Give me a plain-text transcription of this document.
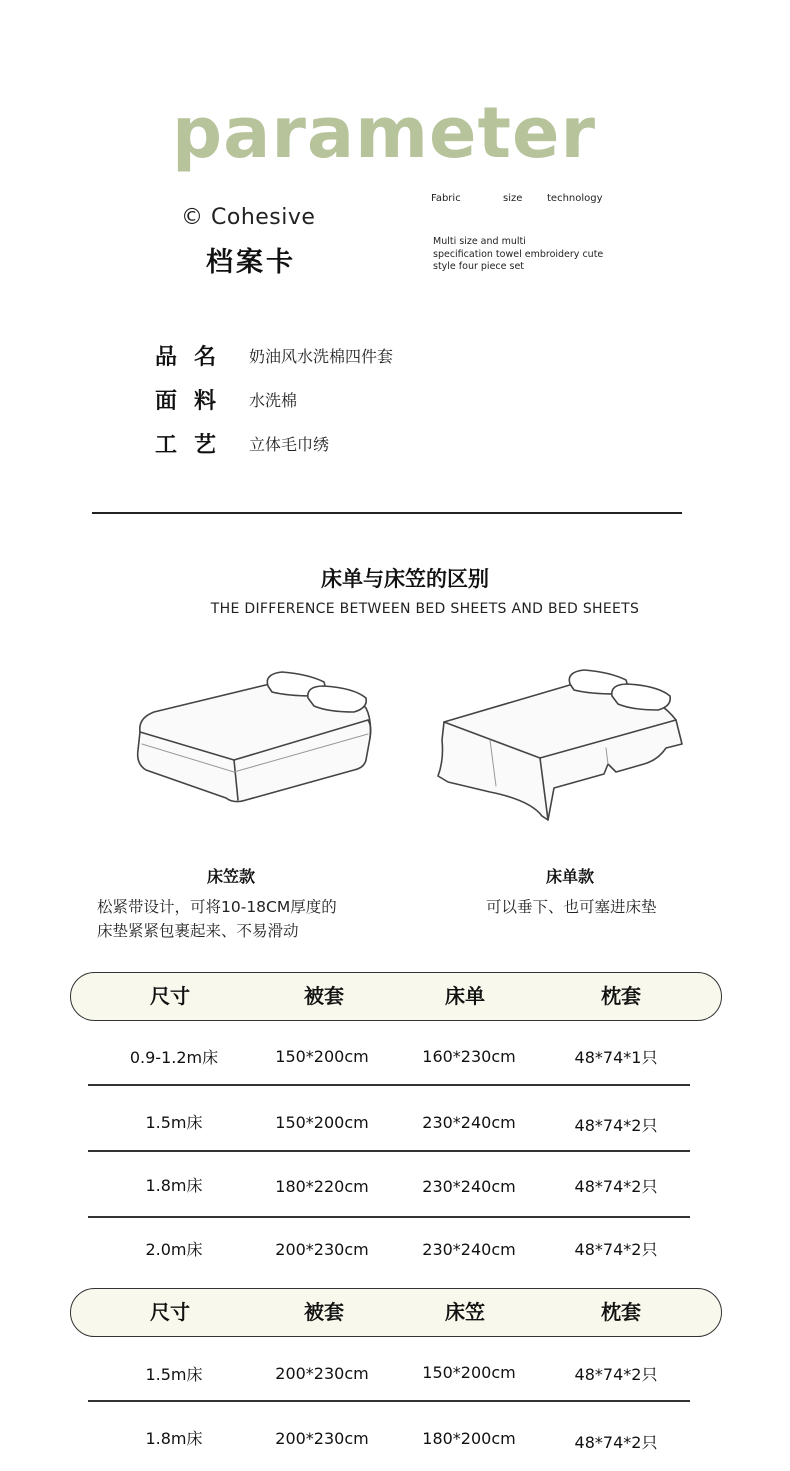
parameter
© Cohesive
档案卡
Fabric	size technology
Multi size and multi
specification towel embroidery cute
style four piece set
品名 奶油风水洗棉四件套
面料 水洗棉
工艺 立体毛巾绣
床单与床笠的区别
THE DIFFERENCE BETWEEN BED SHEETS AND BED SHEETS
床笠款
松紧带设计，可将10-18CM厚度的
床垫紧紧包裹起来、不易滑动
床单款
可以垂下、也可塞进床垫
尺寸	被套	床单	枕套
0.9-1.2m床	150*200cm	160*230cm	48*74*1只
1.5m床	150*200cm	230*240cm	48*74*2只
1.8m床	180*220cm	230*240cm	48*74*2只
2.0m床	200*230cm	230*240cm	48*74*2只
尺寸	被套	床笠	枕套
1.5m床	200*230cm	150*200cm	48*74*2只
1.8m床	200*230cm	180*200cm	48*74*2只
